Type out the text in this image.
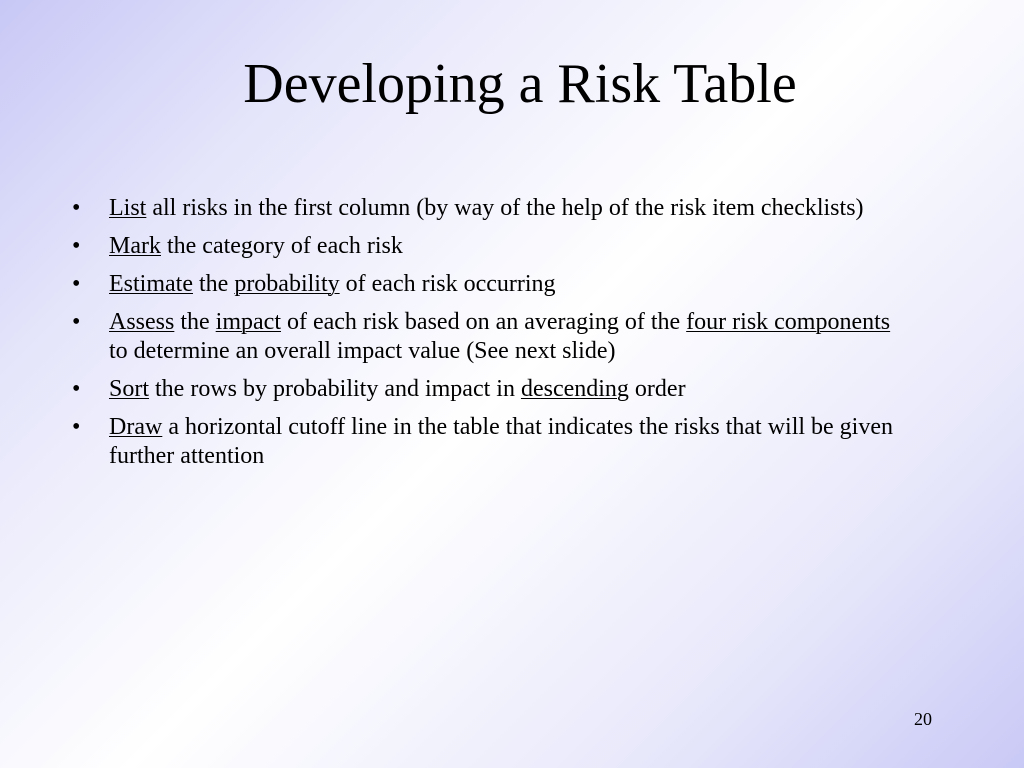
Developing a Risk Table
• List all risks in the first column (by way of the help of the risk item checklists)
• Mark the category of each risk
• Estimate the probability of each risk occurring
• Assess the impact of each risk based on an averaging of the four risk components to determine an overall impact value (See next slide)
• Sort the rows by probability and impact in descending order
• Draw a horizontal cutoff line in the table that indicates the risks that will be given further attention
20
